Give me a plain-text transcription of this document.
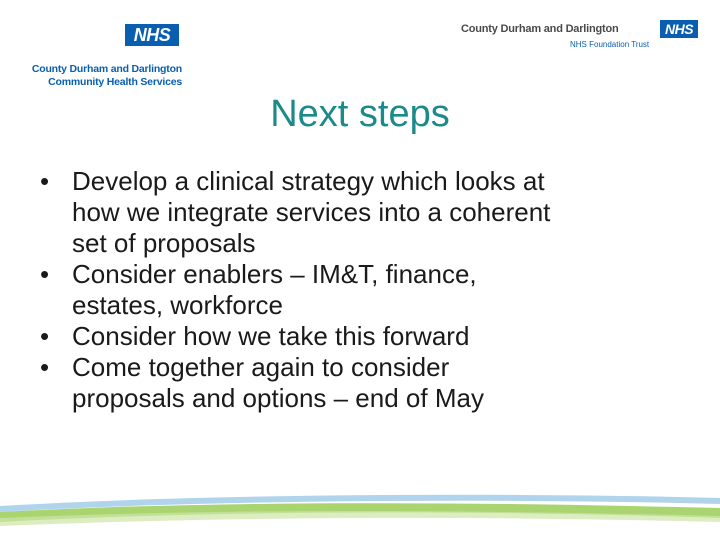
NHS
County Durham and Darlington
Community Health Services
County Durham and Darlington	NHS
NHS Foundation Trust
Next steps
• Develop a clinical strategy which looks at
how we integrate services into a coherent
set of proposals
• Consider enablers – IM&T, finance,
estates, workforce
• Consider how we take this forward
• Come together again to consider
proposals and options – end of May
